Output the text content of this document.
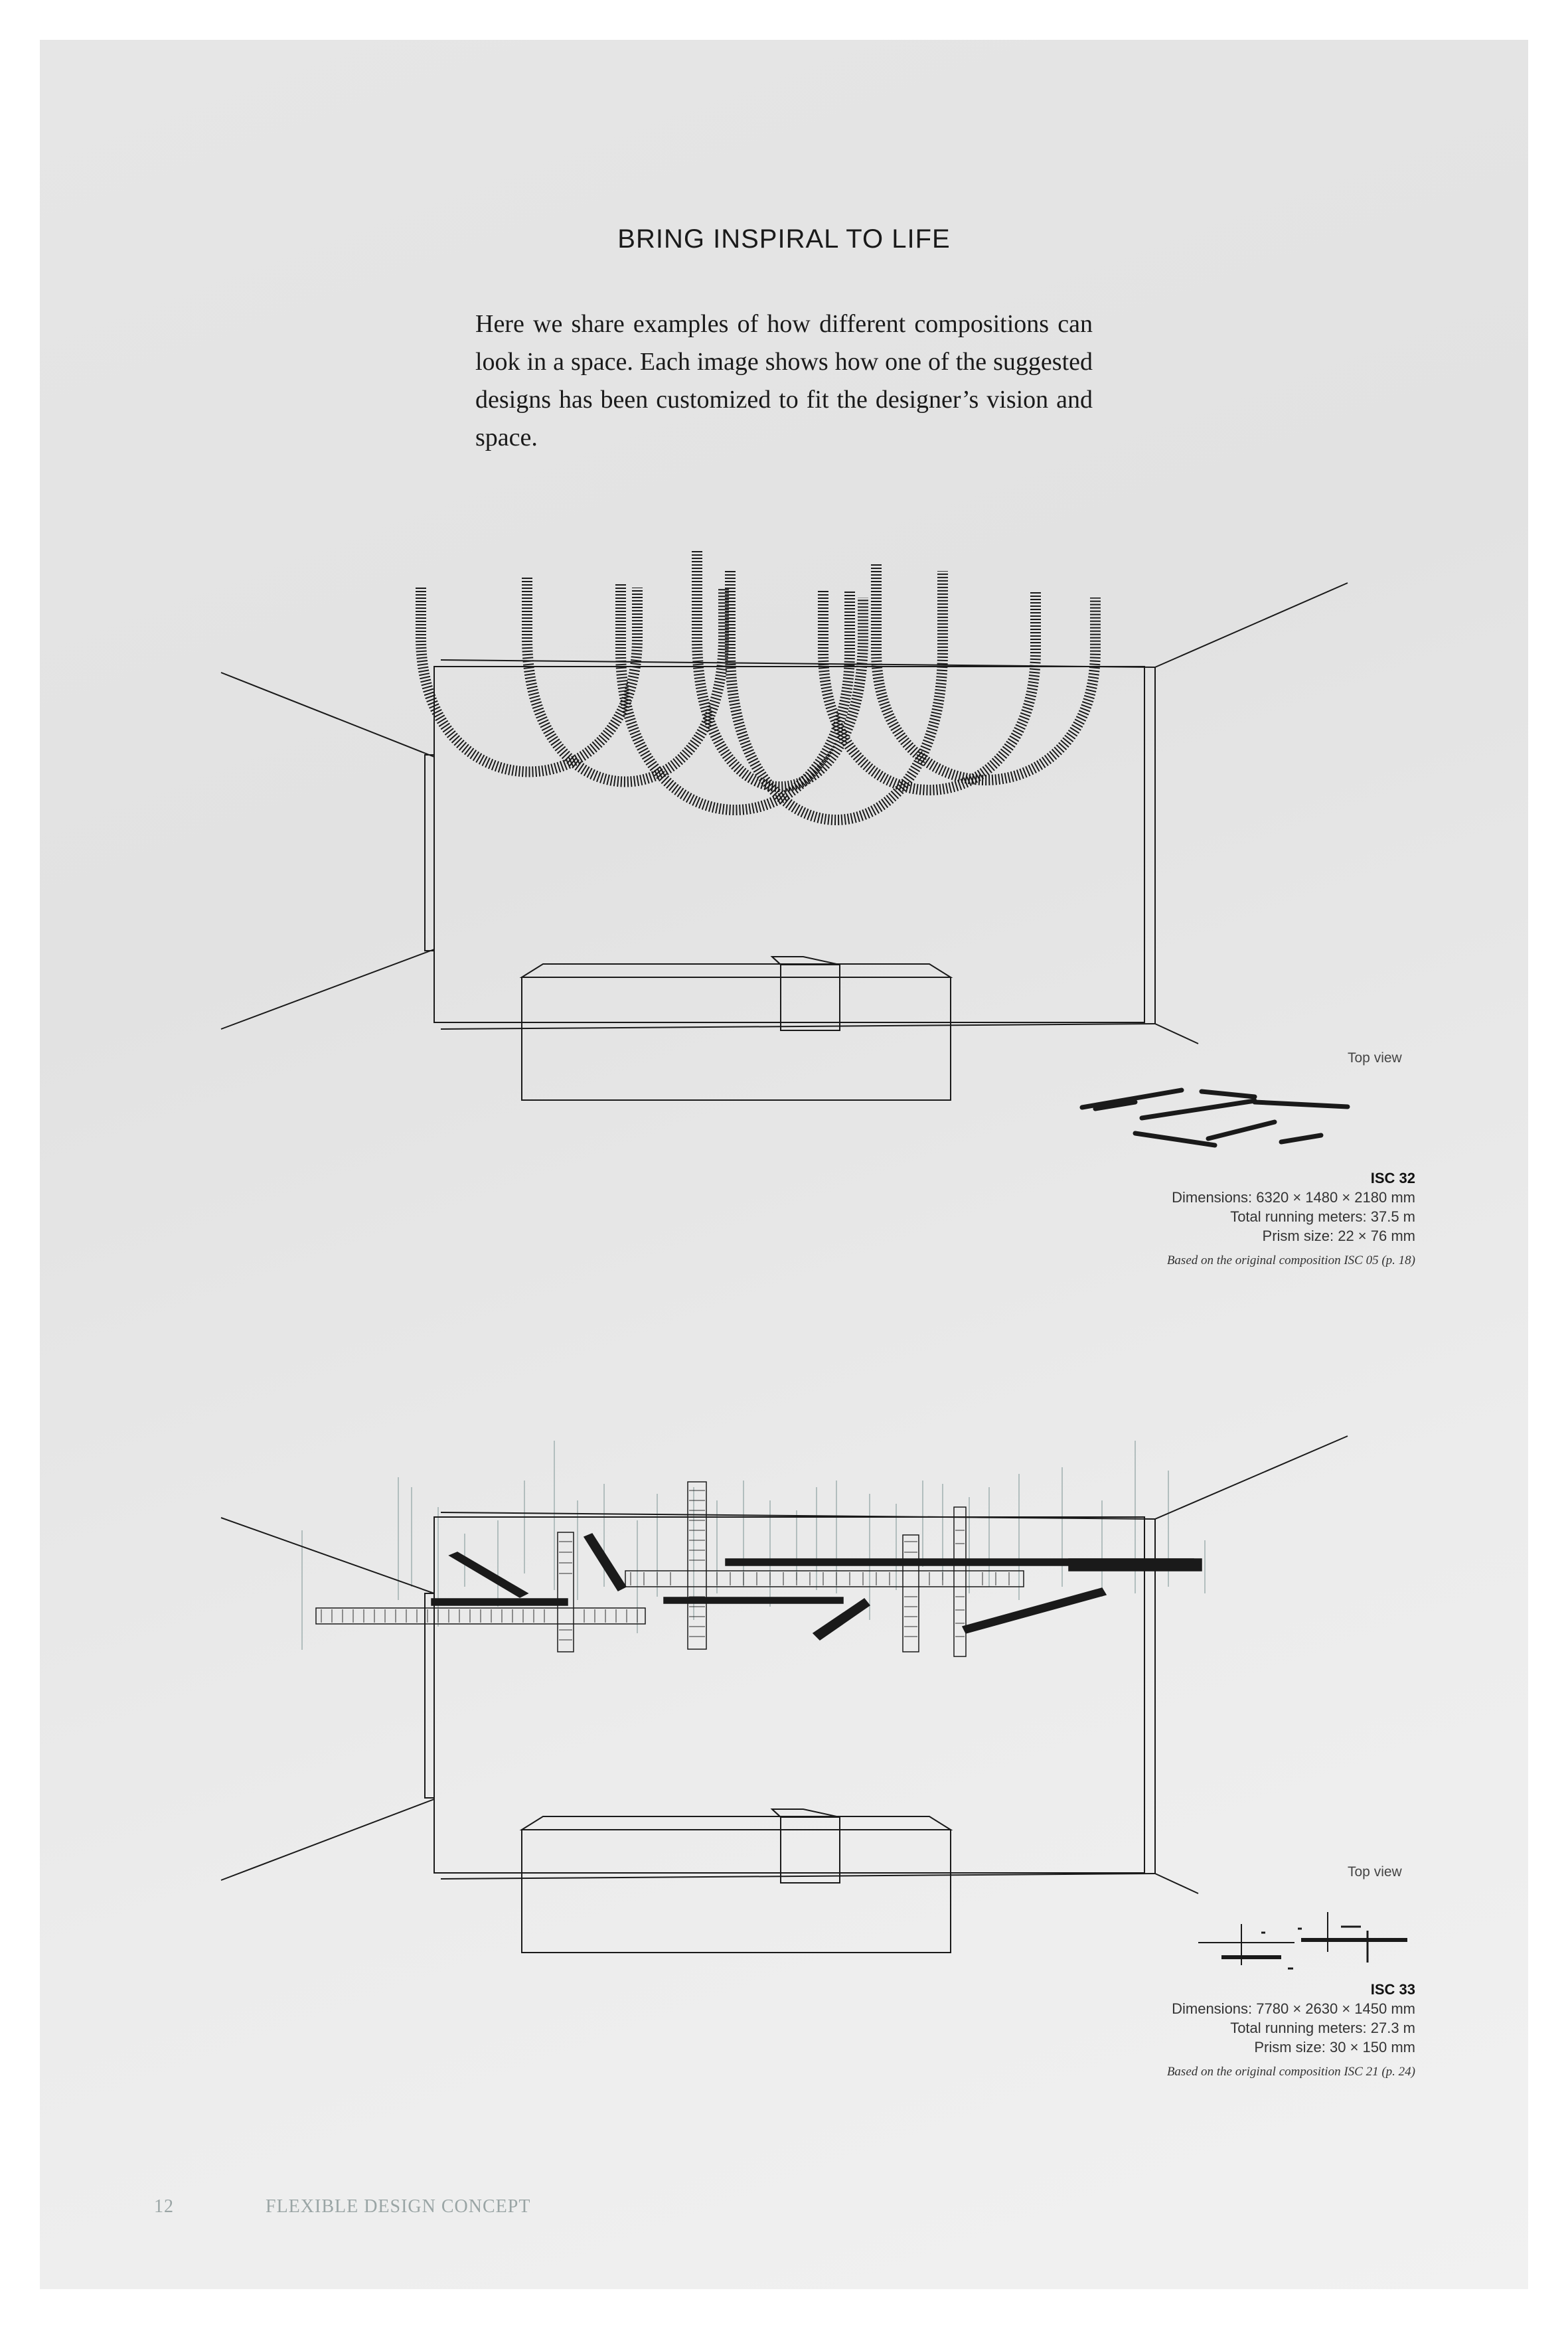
BRING INSPIRAL TO LIFE
Here we share examples of how different compositions can look in a space. Each image shows how one of the suggested designs has been customized to fit the designer’s vision and space.
Top view
ISC 32
Dimensions: 6320 × 1480 × 2180 mm
Total running meters: 37.5 m
Prism size: 22 × 76 mm
Based on the original composition ISC 05 (p. 18)
Top view
ISC 33
Dimensions: 7780 × 2630 × 1450 mm
Total running meters: 27.3 m
Prism size: 30 × 150 mm
Based on the original composition ISC 21 (p. 24)
12	FLEXIBLE DESIGN CONCEPT
